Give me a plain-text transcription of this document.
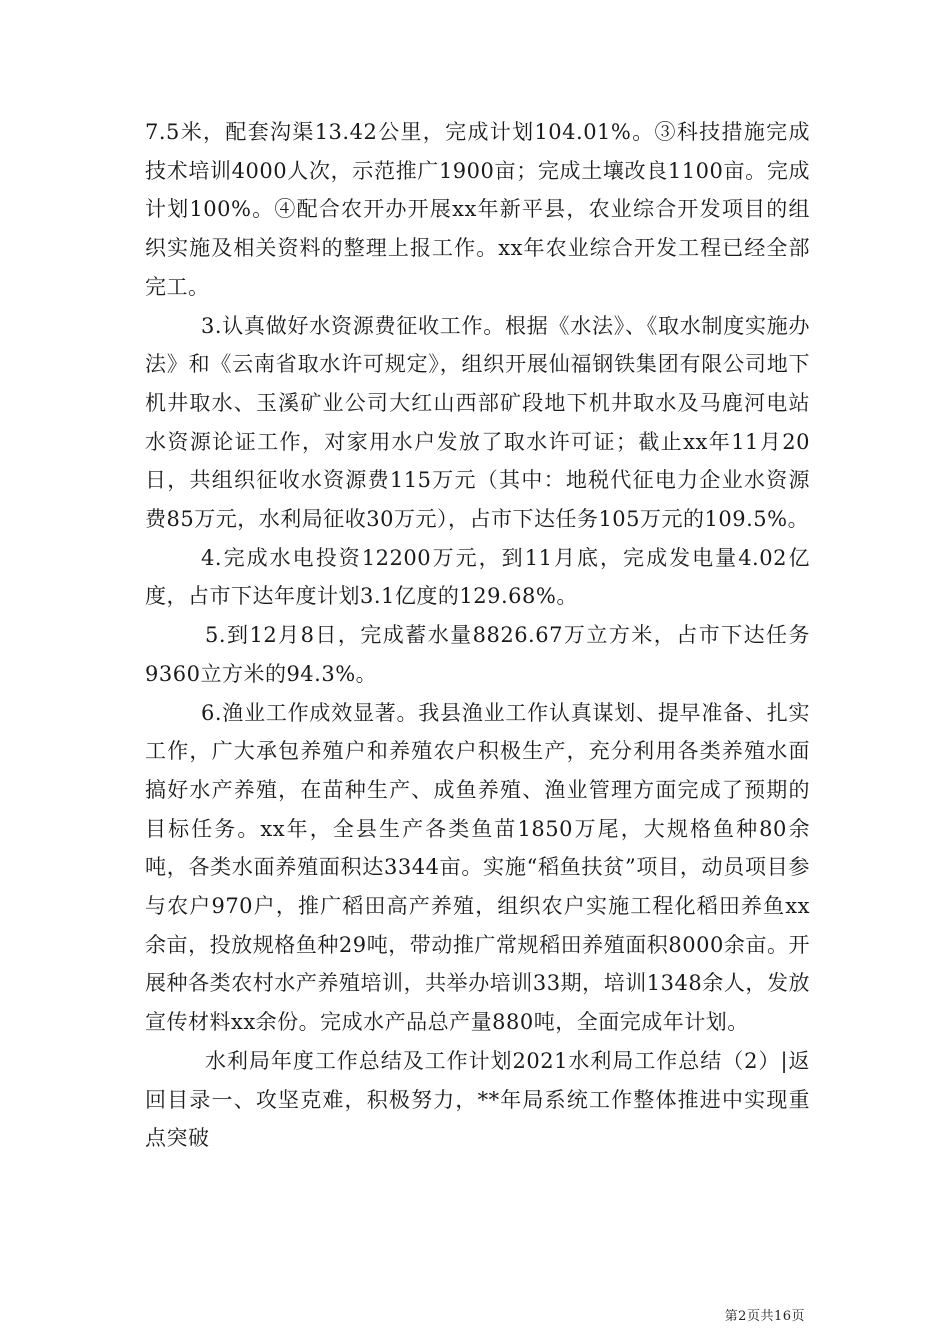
7.5米，配套沟渠13.42公里，完成计划104.01%。③科技措施完成技术培训4000人次，示范推广1900亩；完成土壤改良1100亩。完成计划100%。④配合农开办开展xx年新平县，农业综合开发项目的组织实施及相关资料的整理上报工作。xx年农业综合开发工程已经全部完工。

3.认真做好水资源费征收工作。根据《水法》、《取水制度实施办法》和《云南省取水许可规定》，组织开展仙福钢铁集团有限公司地下机井取水、玉溪矿业公司大红山西部矿段地下机井取水及马鹿河电站水资源论证工作，对家用水户发放了取水许可证；截止xx年11月20日，共组织征收水资源费115万元（其中：地税代征电力企业水资源费85万元，水利局征收30万元），占市下达任务105万元的109.5%。

4.完成水电投资12200万元，到11月底，完成发电量4.02亿度，占市下达年度计划3.1亿度的129.68%。

5.到12月8日，完成蓄水量8826.67万立方米，占市下达任务9360立方米的94.3%。

6.渔业工作成效显著。我县渔业工作认真谋划、提早准备、扎实工作，广大承包养殖户和养殖农户积极生产，充分利用各类养殖水面搞好水产养殖，在苗种生产、成鱼养殖、渔业管理方面完成了预期的目标任务。xx年，全县生产各类鱼苗1850万尾，大规格鱼种80余吨，各类水面养殖面积达3344亩。实施“稻鱼扶贫”项目，动员项目参与农户970户，推广稻田高产养殖，组织农户实施工程化稻田养鱼xx余亩，投放规格鱼种29吨，带动推广常规稻田养殖面积8000余亩。开展种各类农村水产养殖培训，共举办培训33期，培训1348余人，发放宣传材料xx余份。完成水产品总产量880吨，全面完成年计划。

水利局年度工作总结及工作计划2021水利局工作总结（2）|返回目录一、攻坚克难，积极努力，**年局系统工作整体推进中实现重点突破

第2页共16页
